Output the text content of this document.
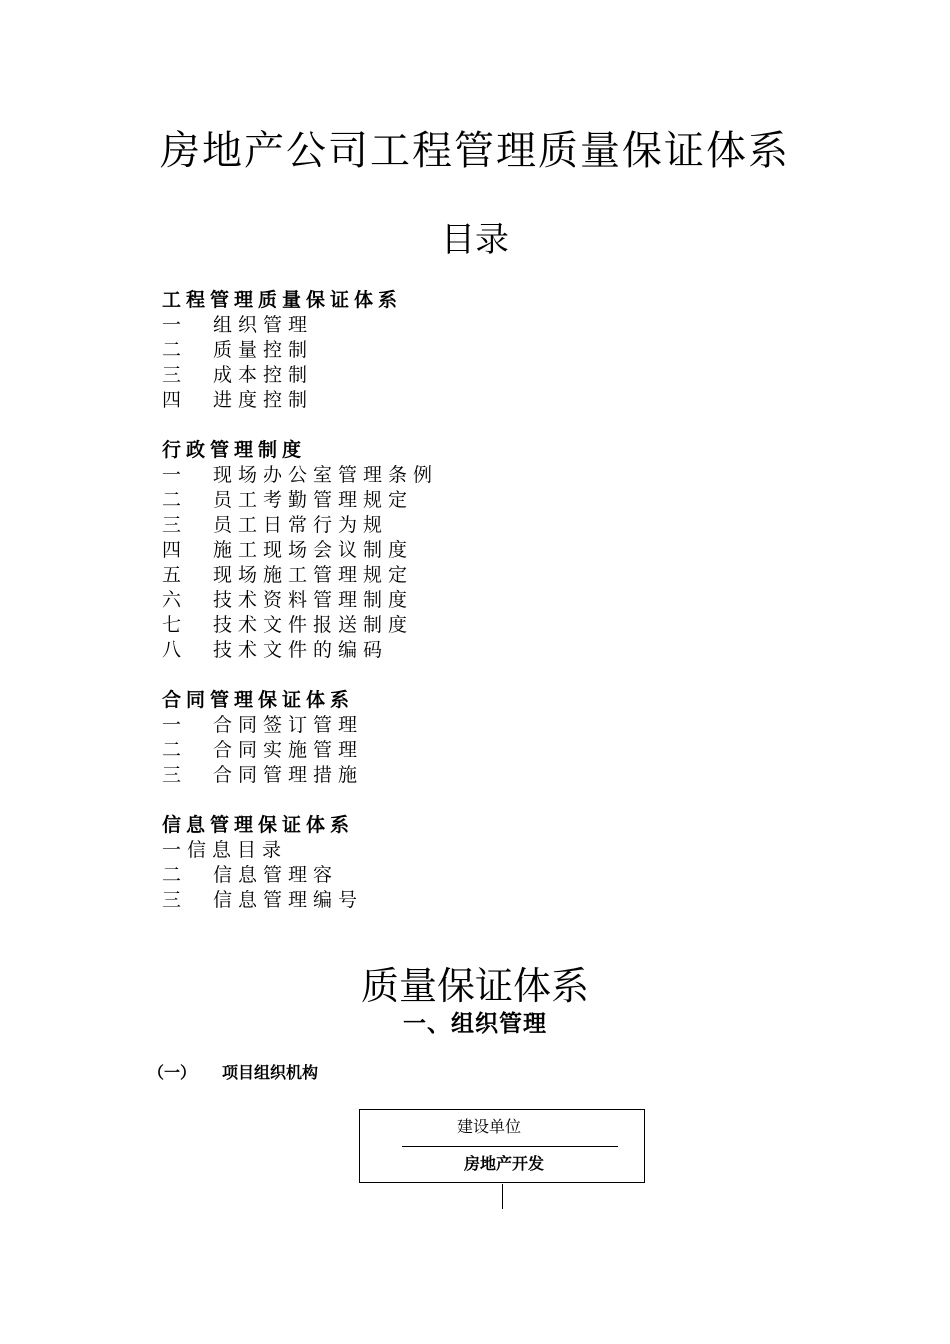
房地产公司工程管理质量保证体系
目录
工程管理质量保证体系
一	组织管理
二	质量控制
三	成本控制
四	进度控制
行政管理制度
一	现场办公室管理条例
二	员工考勤管理规定
三	员工日常行为规
四	施工现场会议制度
五	现场施工管理规定
六	技术资料管理制度
七	技术文件报送制度
八	技术文件的编码
合同管理保证体系
一	合同签订管理
二	合同实施管理
三	合同管理措施
信息管理保证体系
一 信息目录
二	信息管理容
三	信息管理编号
质量保证体系
一、组织管理
（一） 项目组织机构
建设单位
房地产开发
